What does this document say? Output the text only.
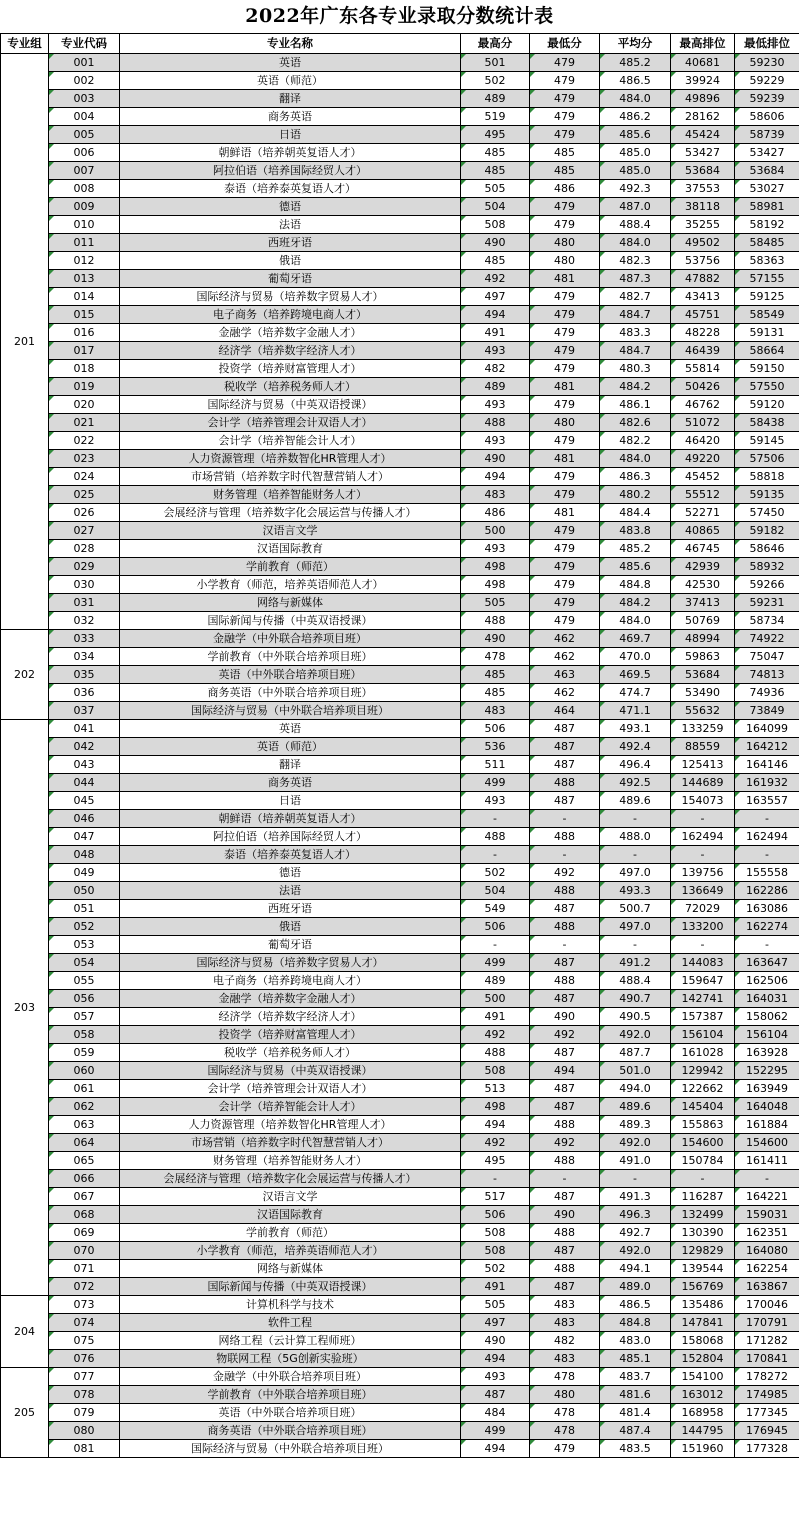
2022年广东各专业录取分数统计表
专业组	专业代码	专业名称	最高分	最低分	平均分	最高排位	最低排位
201	001	英语	501	479	485.2	40681	59230
	002	英语（师范）	502	479	486.5	39924	59229
	003	翻译	489	479	484.0	49896	59239
	004	商务英语	519	479	486.2	28162	58606
	005	日语	495	479	485.6	45424	58739
	006	朝鲜语（培养朝英复语人才）	485	485	485.0	53427	53427
	007	阿拉伯语（培养国际经贸人才）	485	485	485.0	53684	53684
	008	泰语（培养泰英复语人才）	505	486	492.3	37553	53027
	009	德语	504	479	487.0	38118	58981
	010	法语	508	479	488.4	35255	58192
	011	西班牙语	490	480	484.0	49502	58485
	012	俄语	485	480	482.3	53756	58363
	013	葡萄牙语	492	481	487.3	47882	57155
	014	国际经济与贸易（培养数字贸易人才）	497	479	482.7	43413	59125
	015	电子商务（培养跨境电商人才）	494	479	484.7	45751	58549
	016	金融学（培养数字金融人才）	491	479	483.3	48228	59131
	017	经济学（培养数字经济人才）	493	479	484.7	46439	58664
	018	投资学（培养财富管理人才）	482	479	480.3	55814	59150
	019	税收学（培养税务师人才）	489	481	484.2	50426	57550
	020	国际经济与贸易（中英双语授课）	493	479	486.1	46762	59120
	021	会计学（培养管理会计双语人才）	488	480	482.6	51072	58438
	022	会计学（培养智能会计人才）	493	479	482.2	46420	59145
	023	人力资源管理（培养数智化HR管理人才）	490	481	484.0	49220	57506
	024	市场营销（培养数字时代智慧营销人才）	494	479	486.3	45452	58818
	025	财务管理（培养智能财务人才）	483	479	480.2	55512	59135
	026	会展经济与管理（培养数字化会展运营与传播人才）	486	481	484.4	52271	57450
	027	汉语言文学	500	479	483.8	40865	59182
	028	汉语国际教育	493	479	485.2	46745	58646
	029	学前教育（师范）	498	479	485.6	42939	58932
	030	小学教育（师范，培养英语师范人才）	498	479	484.8	42530	59266
	031	网络与新媒体	505	479	484.2	37413	59231
	032	国际新闻与传播（中英双语授课）	488	479	484.0	50769	58734
202	033	金融学（中外联合培养项目班）	490	462	469.7	48994	74922
	034	学前教育（中外联合培养项目班）	478	462	470.0	59863	75047
	035	英语（中外联合培养项目班）	485	463	469.5	53684	74813
	036	商务英语（中外联合培养项目班）	485	462	474.7	53490	74936
	037	国际经济与贸易（中外联合培养项目班）	483	464	471.1	55632	73849
203	041	英语	506	487	493.1	133259	164099
	042	英语（师范）	536	487	492.4	88559	164212
	043	翻译	511	487	496.4	125413	164146
	044	商务英语	499	488	492.5	144689	161932
	045	日语	493	487	489.6	154073	163557
	046	朝鲜语（培养朝英复语人才）	-	-	-	-	-
	047	阿拉伯语（培养国际经贸人才）	488	488	488.0	162494	162494
	048	泰语（培养泰英复语人才）	-	-	-	-	-
	049	德语	502	492	497.0	139756	155558
	050	法语	504	488	493.3	136649	162286
	051	西班牙语	549	487	500.7	72029	163086
	052	俄语	506	488	497.0	133200	162274
	053	葡萄牙语	-	-	-	-	-
	054	国际经济与贸易（培养数字贸易人才）	499	487	491.2	144083	163647
	055	电子商务（培养跨境电商人才）	489	488	488.4	159647	162506
	056	金融学（培养数字金融人才）	500	487	490.7	142741	164031
	057	经济学（培养数字经济人才）	491	490	490.5	157387	158062
	058	投资学（培养财富管理人才）	492	492	492.0	156104	156104
	059	税收学（培养税务师人才）	488	487	487.7	161028	163928
	060	国际经济与贸易（中英双语授课）	508	494	501.0	129942	152295
	061	会计学（培养管理会计双语人才）	513	487	494.0	122662	163949
	062	会计学（培养智能会计人才）	498	487	489.6	145404	164048
	063	人力资源管理（培养数智化HR管理人才）	494	488	489.3	155863	161884
	064	市场营销（培养数字时代智慧营销人才）	492	492	492.0	154600	154600
	065	财务管理（培养智能财务人才）	495	488	491.0	150784	161411
	066	会展经济与管理（培养数字化会展运营与传播人才）	-	-	-	-	-
	067	汉语言文学	517	487	491.3	116287	164221
	068	汉语国际教育	506	490	496.3	132499	159031
	069	学前教育（师范）	508	488	492.7	130390	162351
	070	小学教育（师范，培养英语师范人才）	508	487	492.0	129829	164080
	071	网络与新媒体	502	488	494.1	139544	162254
	072	国际新闻与传播（中英双语授课）	491	487	489.0	156769	163867
204	073	计算机科学与技术	505	483	486.5	135486	170046
	074	软件工程	497	483	484.8	147841	170791
	075	网络工程（云计算工程师班）	490	482	483.0	158068	171282
	076	物联网工程（5G创新实验班）	494	483	485.1	152804	170841
205	077	金融学（中外联合培养项目班）	493	478	483.7	154100	178272
	078	学前教育（中外联合培养项目班）	487	480	481.6	163012	174985
	079	英语（中外联合培养项目班）	484	478	481.4	168958	177345
	080	商务英语（中外联合培养项目班）	499	478	487.4	144795	176945
	081	国际经济与贸易（中外联合培养项目班）	494	479	483.5	151960	177328
